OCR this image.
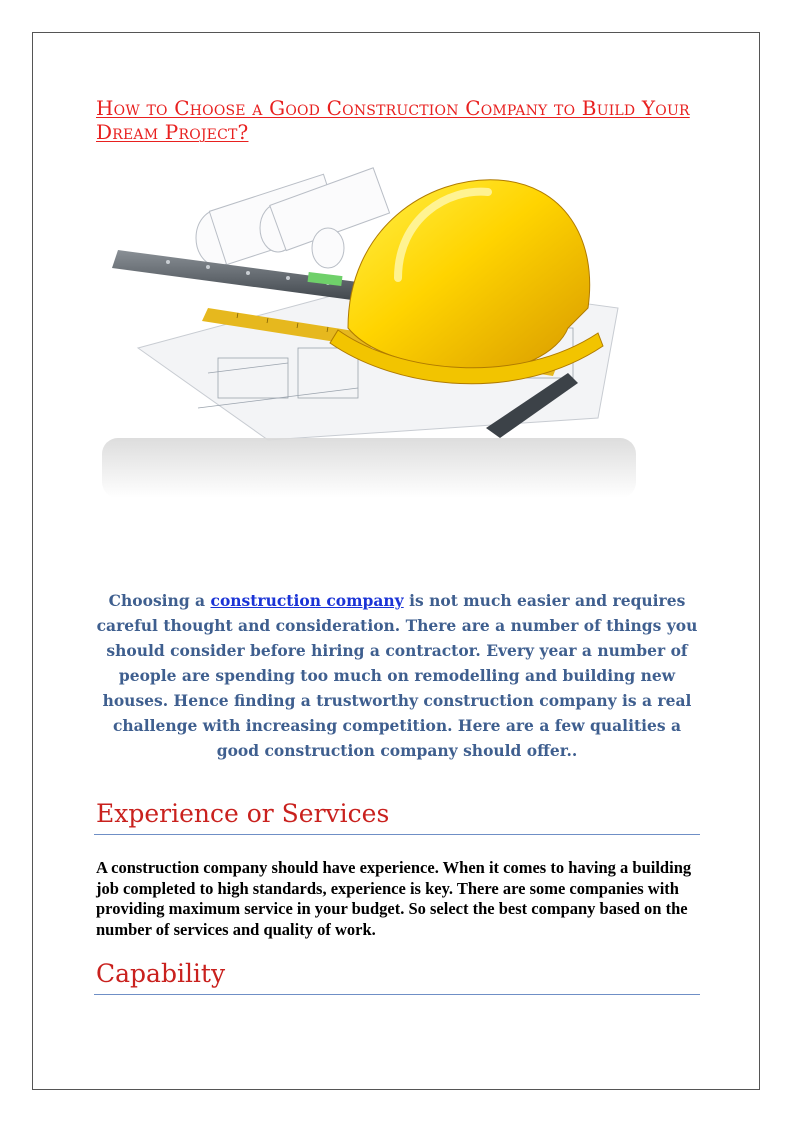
How to Choose a Good Construction Company to Build Your Dream Project?

Choosing a construction company is not much easier and requires careful thought and consideration. There are a number of things you should consider before hiring a contractor. Every year a number of people are spending too much on remodelling and building new houses. Hence finding a trustworthy construction company is a real challenge with increasing competition. Here are a few qualities a good construction company should offer..

Experience or Services

A construction company should have experience. When it comes to having a building job completed to high standards, experience is key. There are some companies with providing maximum service in your budget. So select the best company based on the number of services and quality of work.

Capability
